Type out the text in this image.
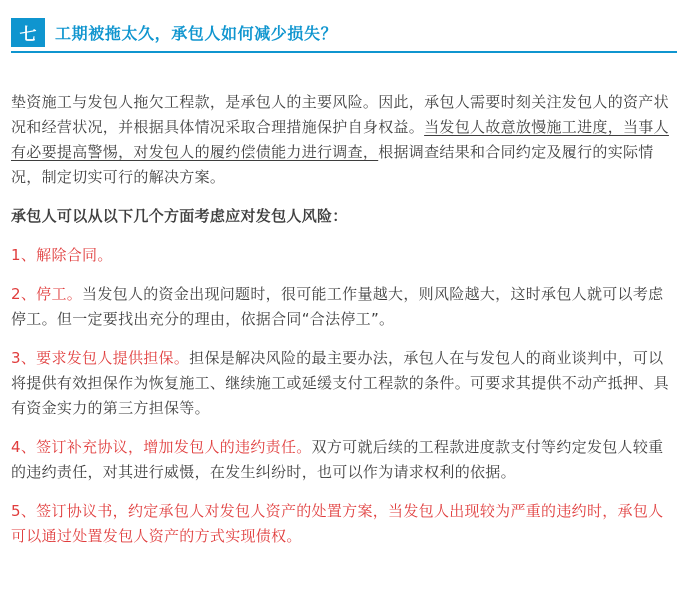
七	工期被拖太久，承包人如何减少损失？

垫资施工与发包人拖欠工程款，是承包人的主要风险。因此，承包人需要时刻关注发包人的资产状况和经营状况，并根据具体情况采取合理措施保护自身权益。当发包人故意放慢施工进度，当事人有必要提高警惕，对发包人的履约偿债能力进行调查，根据调查结果和合同约定及履行的实际情况，制定切实可行的解决方案。

承包人可以从以下几个方面考虑应对发包人风险：

1、解除合同。

2、停工。当发包人的资金出现问题时，很可能工作量越大，则风险越大，这时承包人就可以考虑停工。但一定要找出充分的理由，依据合同“合法停工”。

3、要求发包人提供担保。担保是解决风险的最主要办法，承包人在与发包人的商业谈判中，可以将提供有效担保作为恢复施工、继续施工或延缓支付工程款的条件。可要求其提供不动产抵押、具有资金实力的第三方担保等。

4、签订补充协议，增加发包人的违约责任。双方可就后续的工程款进度款支付等约定发包人较重的违约责任，对其进行威慑，在发生纠纷时，也可以作为请求权利的依据。

5、签订协议书，约定承包人对发包人资产的处置方案，当发包人出现较为严重的违约时，承包人可以通过处置发包人资产的方式实现债权。
